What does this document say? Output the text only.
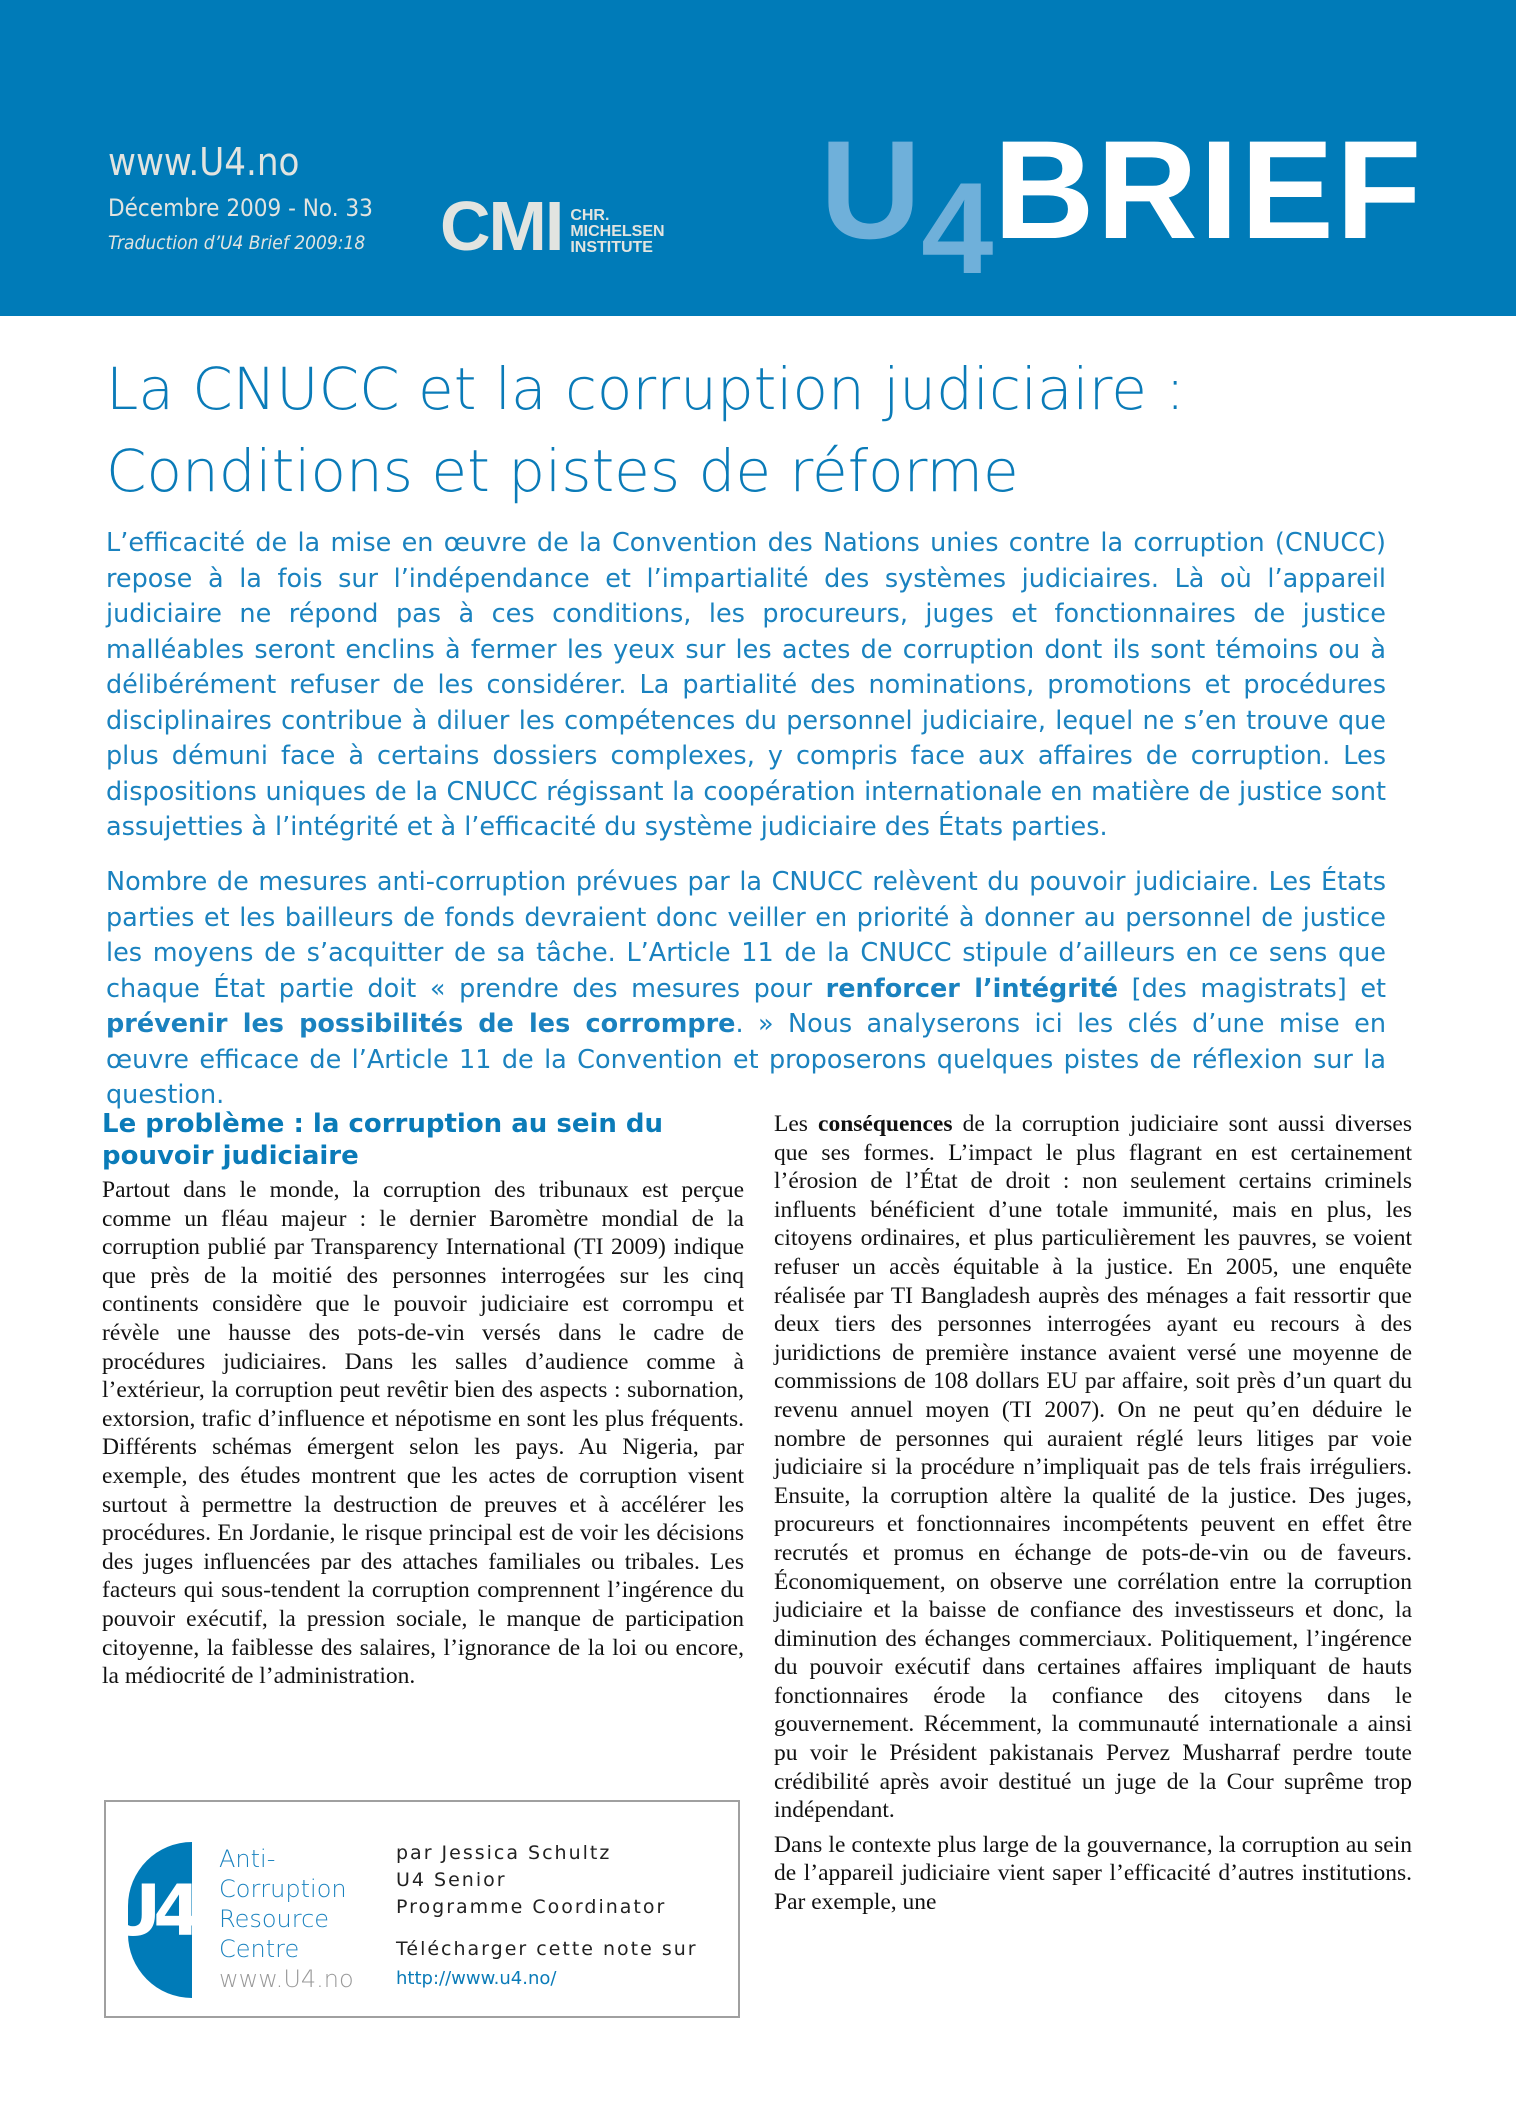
www.U4.no
Décembre 2009 - No. 33
Traduction d’U4 Brief 2009:18 CMI CHR.
MICHELSEN
INSTITUTE U 4 BRIEF
La CNUCC et la corruption judiciaire :
Conditions et pistes de réforme

L’efficacité de la mise en œuvre de la Convention des Nations unies contre la corruption (CNUCC) repose à la fois sur l’indépendance et l’impartialité des systèmes judiciaires. Là où l’appareil judiciaire ne répond pas à ces conditions, les procureurs, juges et fonctionnaires de justice malléables seront enclins à fermer les yeux sur les actes de corruption dont ils sont témoins ou à délibérément refuser de les considérer. La partialité des nominations, promotions et procédures disciplinaires contribue à diluer les compétences du personnel judiciaire, lequel ne s’en trouve que plus démuni face à certains dossiers complexes, y compris face aux affaires de corruption. Les dispositions uniques de la CNUCC régissant la coopération internationale en matière de justice sont assujetties à l’intégrité et à l’efficacité du système judiciaire des États parties.

Nombre de mesures anti-corruption prévues par la CNUCC relèvent du pouvoir judiciaire. Les États parties et les bailleurs de fonds devraient donc veiller en priorité à donner au personnel de justice les moyens de s’acquitter de sa tâche. L’Article 11 de la CNUCC stipule d’ailleurs en ce sens que chaque État partie doit « prendre des mesures pour renforcer l’intégrité [des magistrats] et prévenir les possibilités de les corrompre. » Nous analyserons ici les clés d’une mise en œuvre efficace de l’Article 11 de la Convention et proposerons quelques pistes de réflexion sur la question.

Le problème : la corruption au sein du pouvoir judiciaire

Partout dans le monde, la corruption des tribunaux est perçue comme un fléau majeur : le dernier Baromètre mondial de la corruption publié par Transparency International (TI 2009) indique que près de la moitié des personnes interrogées sur les cinq continents considère que le pouvoir judiciaire est corrompu et révèle une hausse des pots-de-vin versés dans le cadre de procédures judiciaires. Dans les salles d’audience comme à l’extérieur, la corruption peut revêtir bien des aspects : subornation, extorsion, trafic d’influence et népotisme en sont les plus fréquents. Différents schémas émergent selon les pays. Au Nigeria, par exemple, des études montrent que les actes de corruption visent surtout à permettre la destruction de preuves et à accélérer les procédures. En Jordanie, le risque principal est de voir les décisions des juges influencées par des attaches familiales ou tribales. Les facteurs qui sous-tendent la corruption comprennent l’ingérence du pouvoir exécutif, la pression sociale, le manque de participation citoyenne, la faiblesse des salaires, l’ignorance de la loi ou encore, la médiocrité de l’administration.

Les conséquences de la corruption judiciaire sont aussi diverses que ses formes. L’impact le plus flagrant en est certainement l’érosion de l’État de droit : non seulement certains criminels influents bénéficient d’une totale immunité, mais en plus, les citoyens ordinaires, et plus particulièrement les pauvres, se voient refuser un accès équitable à la justice. En 2005, une enquête réalisée par TI Bangladesh auprès des ménages a fait ressortir que deux tiers des personnes interrogées ayant eu recours à des juridictions de première instance avaient versé une moyenne de commissions de 108 dollars EU par affaire, soit près d’un quart du revenu annuel moyen (TI 2007). On ne peut qu’en déduire le nombre de personnes qui auraient réglé leurs litiges par voie judiciaire si la procédure n’impliquait pas de tels frais irréguliers. Ensuite, la corruption altère la qualité de la justice. Des juges, procureurs et fonctionnaires incompétents peuvent en effet être recrutés et promus en échange de pots-de-vin ou de faveurs. Économiquement, on observe une corrélation entre la corruption judiciaire et la baisse de confiance des investisseurs et donc, la diminution des échanges commerciaux. Politiquement, l’ingérence du pouvoir exécutif dans certaines affaires impliquant de hauts fonctionnaires érode la confiance des citoyens dans le gouvernement. Récemment, la communauté internationale a ainsi pu voir le Président pakistanais Pervez Musharraf perdre toute crédibilité après avoir destitué un juge de la Cour suprême trop indépendant.

Dans le contexte plus large de la gouvernance, la corruption au sein de l’appareil judiciaire vient saper l’efficacité d’autres institutions. Par exemple, une

U4
Anti-
Corruption
Resource
Centre
www.U4.no
par Jessica Schultz
U4 Senior
Programme Coordinator
Télécharger cette note sur
http://www.u4.no/
